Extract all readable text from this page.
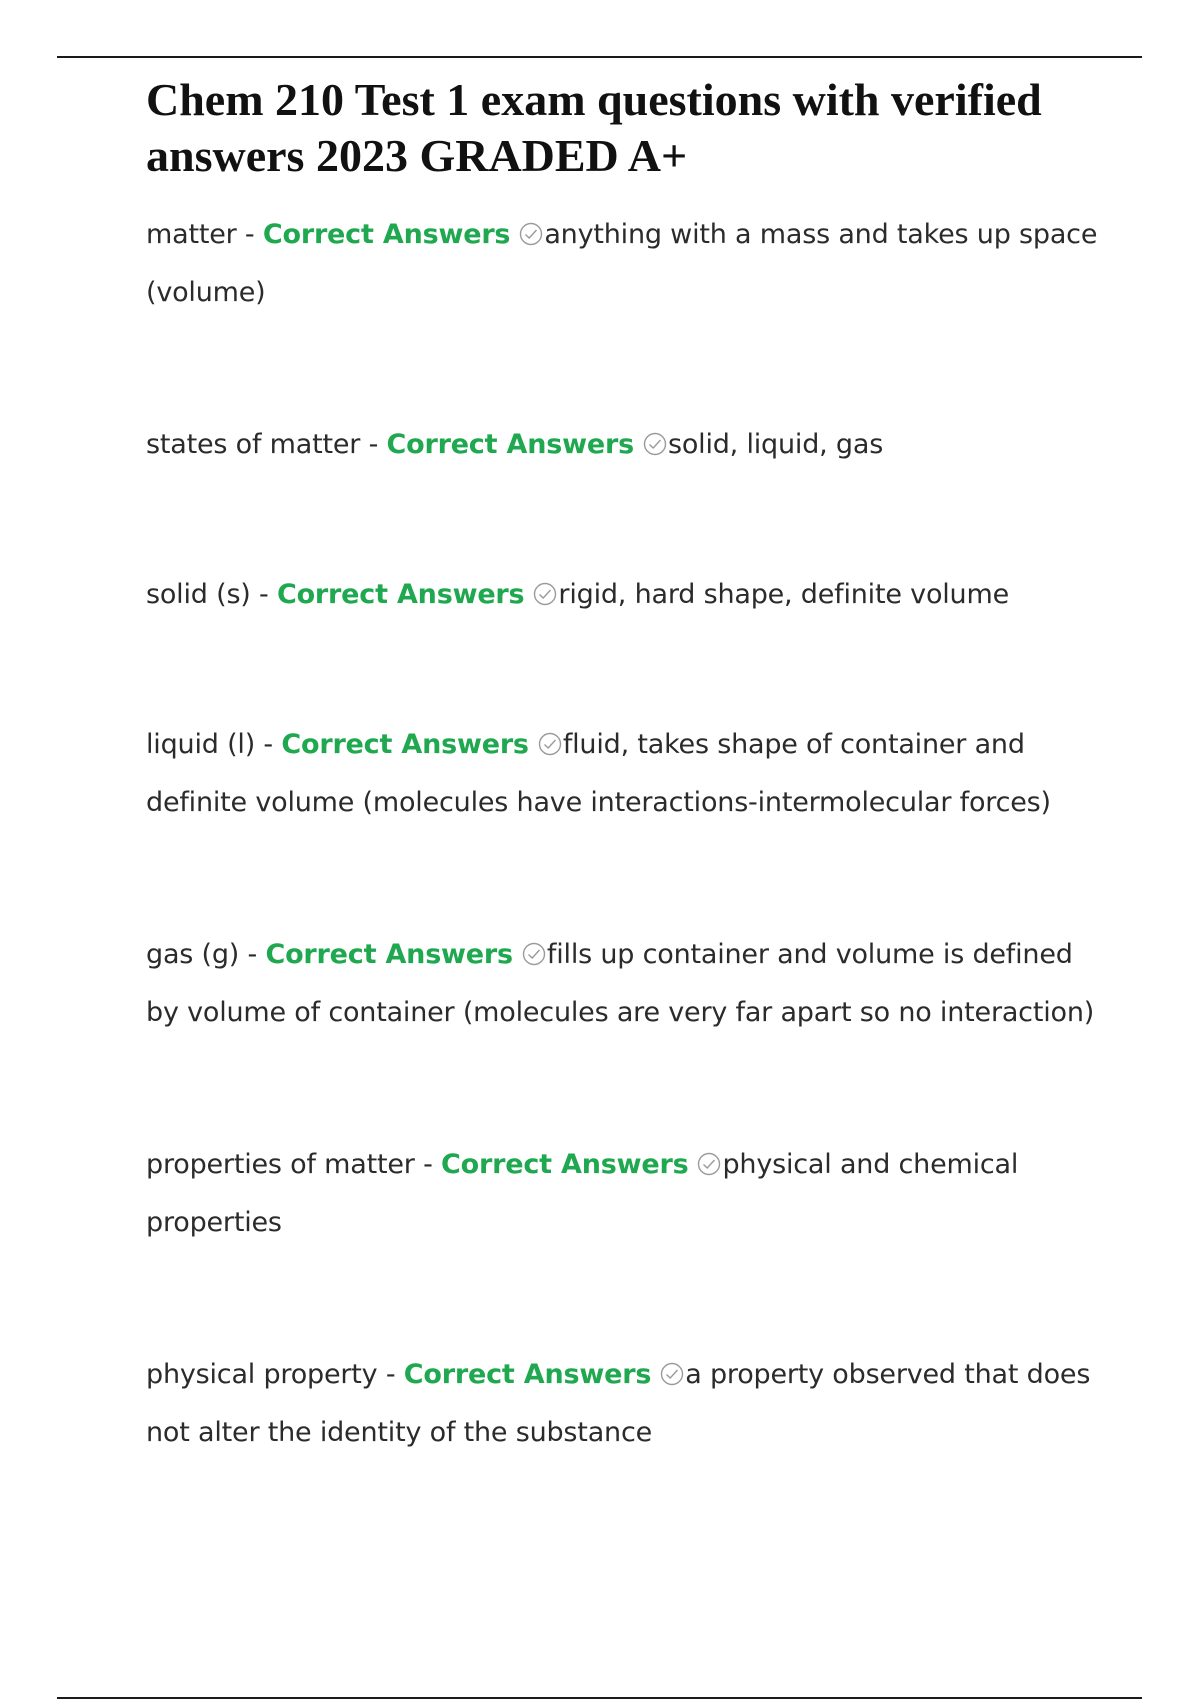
Chem 210 Test 1 exam questions with verified answers 2023 GRADED A+

matter - Correct Answers anything with a mass and takes up space (volume)

states of matter - Correct Answers solid, liquid, gas

solid (s) - Correct Answers rigid, hard shape, definite volume

liquid (l) - Correct Answers fluid, takes shape of container and definite volume (molecules have interactions-intermolecular forces)

gas (g) - Correct Answers fills up container and volume is defined by volume of container (molecules are very far apart so no interaction)

properties of matter - Correct Answers physical and chemical properties

physical property - Correct Answers a property observed that does not alter the identity of the substance
